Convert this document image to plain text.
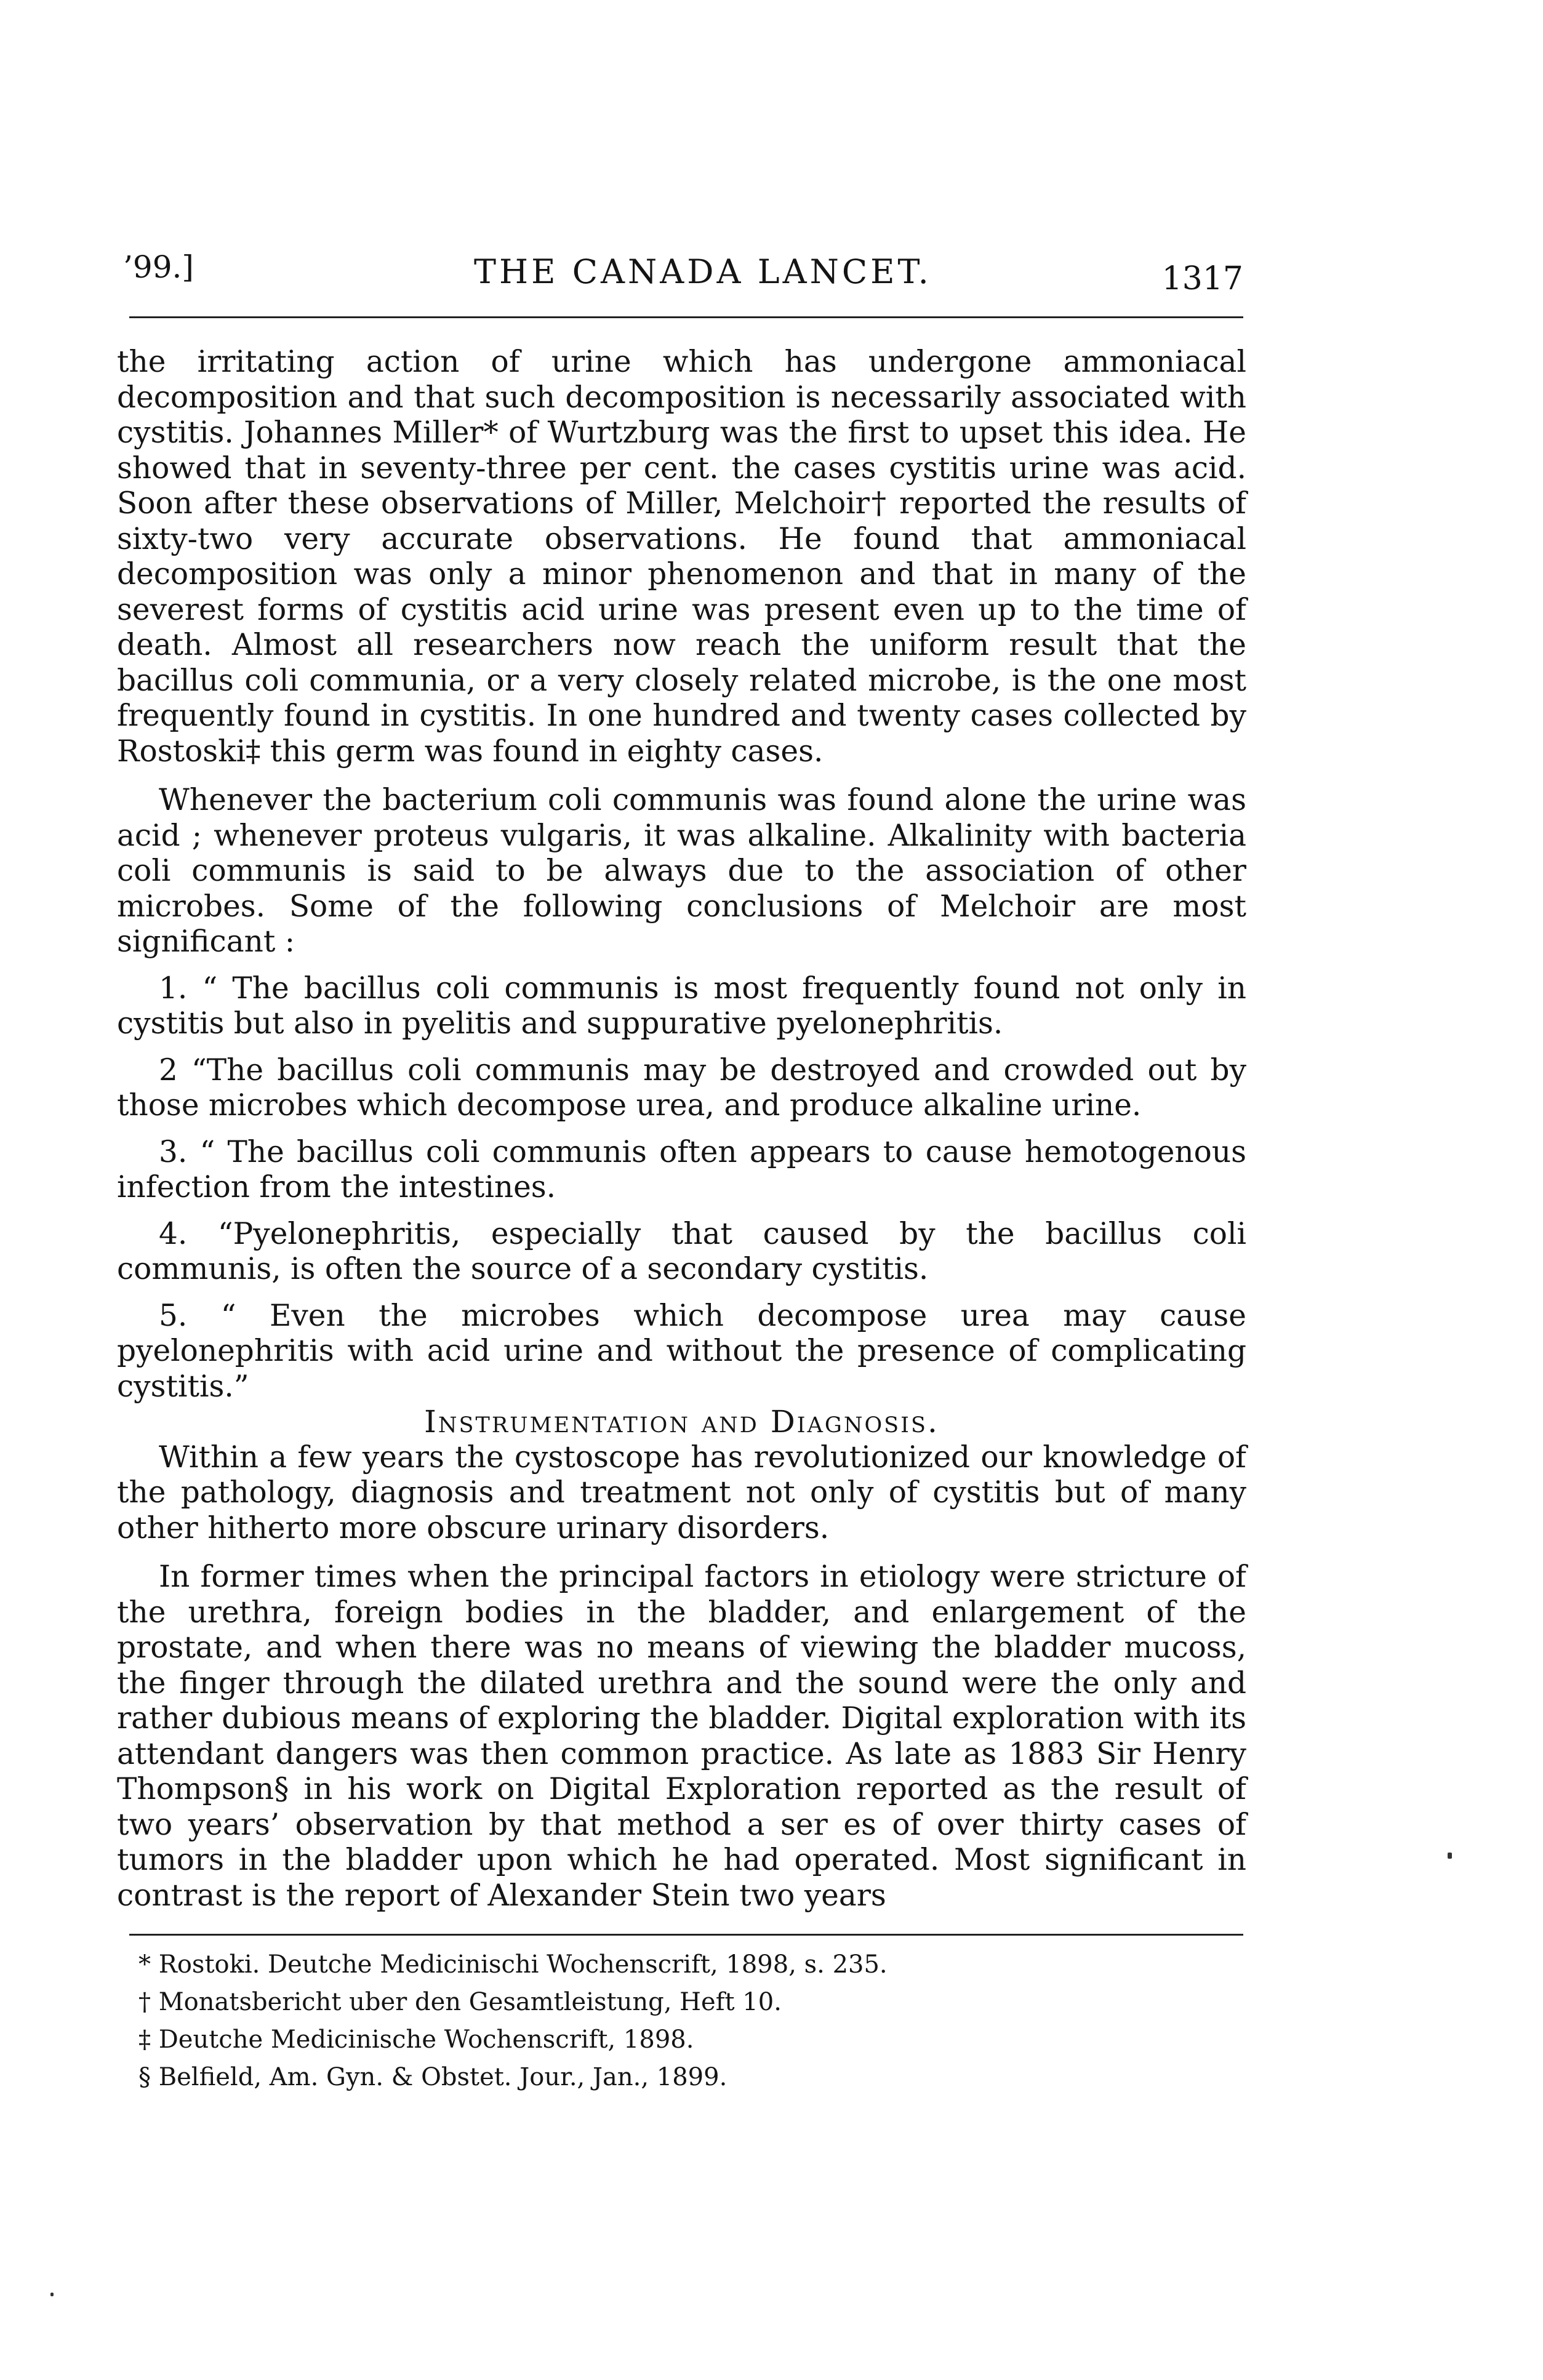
’99.]	THE CANADA LANCET.	1317

the irritating action of urine which has undergone ammoniacal decomposition and that such decomposition is necessarily associated with cystitis. Johannes Miller* of Wurtzburg was the first to upset this idea. He showed that in seventy-three per cent. the cases cystitis urine was acid. Soon after these observations of Miller, Melchoir† reported the results of sixty-two very accurate observations. He found that ammoniacal decomposition was only a minor phenomenon and that in many of the severest forms of cystitis acid urine was present even up to the time of death. Almost all researchers now reach the uniform result that the bacillus coli communia, or a very closely related microbe, is the one most frequently found in cystitis. In one hundred and twenty cases collected by Rostoski‡ this germ was found in eighty cases.

Whenever the bacterium coli communis was found alone the urine was acid ; whenever proteus vulgaris, it was alkaline. Alkalinity with bacteria coli communis is said to be always due to the association of other microbes. Some of the following conclusions of Melchoir are most significant :

1. “ The bacillus coli communis is most frequently found not only in cystitis but also in pyelitis and suppurative pyelonephritis.

2 “The bacillus coli communis may be destroyed and crowded out by those microbes which decompose urea, and produce alkaline urine.

3. “ The bacillus coli communis often appears to cause hemotogenous infection from the intestines.

4. “Pyelonephritis, especially that caused by the bacillus coli communis, is often the source of a secondary cystitis.

5. “ Even the microbes which decompose urea may cause pyelonephritis with acid urine and without the presence of complicating cystitis.”

Instrumentation and Diagnosis.

Within a few years the cystoscope has revolutionized our knowledge of the pathology, diagnosis and treatment not only of cystitis but of many other hitherto more obscure urinary disorders.

In former times when the principal factors in etiology were stricture of the urethra, foreign bodies in the bladder, and enlargement of the prostate, and when there was no means of viewing the bladder mucoss, the finger through the dilated urethra and the sound were the only and rather dubious means of exploring the bladder. Digital exploration with its attendant dangers was then common practice. As late as 1883 Sir Henry Thompson§ in his work on Digital Exploration reported as the result of two years’ observation by that method a ser es of over thirty cases of tumors in the bladder upon which he had operated. Most significant in contrast is the report of Alexander Stein two years

* Rostoki. Deutche Medicinischi Wochenscrift, 1898, s. 235.

† Monatsbericht uber den Gesamtleistung, Heft 10.

‡ Deutche Medicinische Wochenscrift, 1898.

§ Belfield, Am. Gyn. & Obstet. Jour., Jan., 1899.
